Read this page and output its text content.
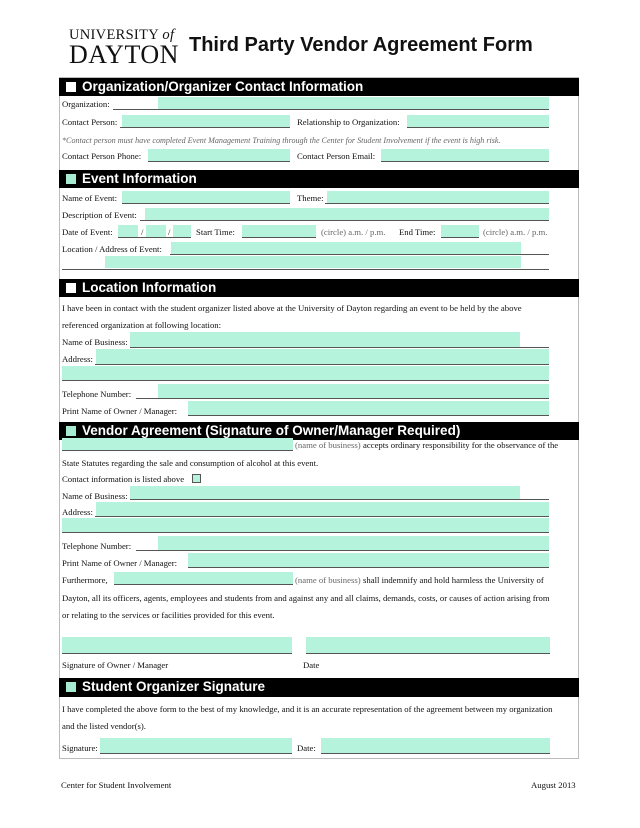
UNIVERSITY of
DAYTON Third Party Vendor Agreement Form
Organization/Organizer Contact Information
Organization:
Contact Person:	Relationship to Organization:
*Contact person must have completed Event Management Training through the Center for Student Involvement if the event is high risk.
Contact Person Phone:	Contact Person Email:
Event Information
Name of Event:	Theme:
Description of Event:
Date of Event:	/	/	Start Time:	(circle) a.m. / p.m. End Time:	(circle) a.m. / p.m.
Location / Address of Event:
Location Information
I have been in contact with the student organizer listed above at the University of Dayton regarding an event to be held by the above
referenced organization at following location:
Name of Business:
Address:
Telephone Number:
Print Name of Owner / Manager:
Vendor Agreement (Signature of Owner/Manager Required)
(name of business) accepts ordinary responsibility for the observance of the
State Statutes regarding the sale and consumption of alcohol at this event.
Contact information is listed above
Name of Business:
Address:
Telephone Number:
Print Name of Owner / Manager:
Furthermore,	(name of business) shall indemnify and hold harmless the University of
Dayton, all its officers, agents, employees and students from and against any and all claims, demands, costs, or causes of action arising from
or relating to the services or facilities provided for this event.
Signature of Owner / Manager	Date
Student Organizer Signature
I have completed the above form to the best of my knowledge, and it is an accurate representation of the agreement between my organization
and the listed vendor(s).
Signature:	Date:
Center for Student Involvement	August 2013
